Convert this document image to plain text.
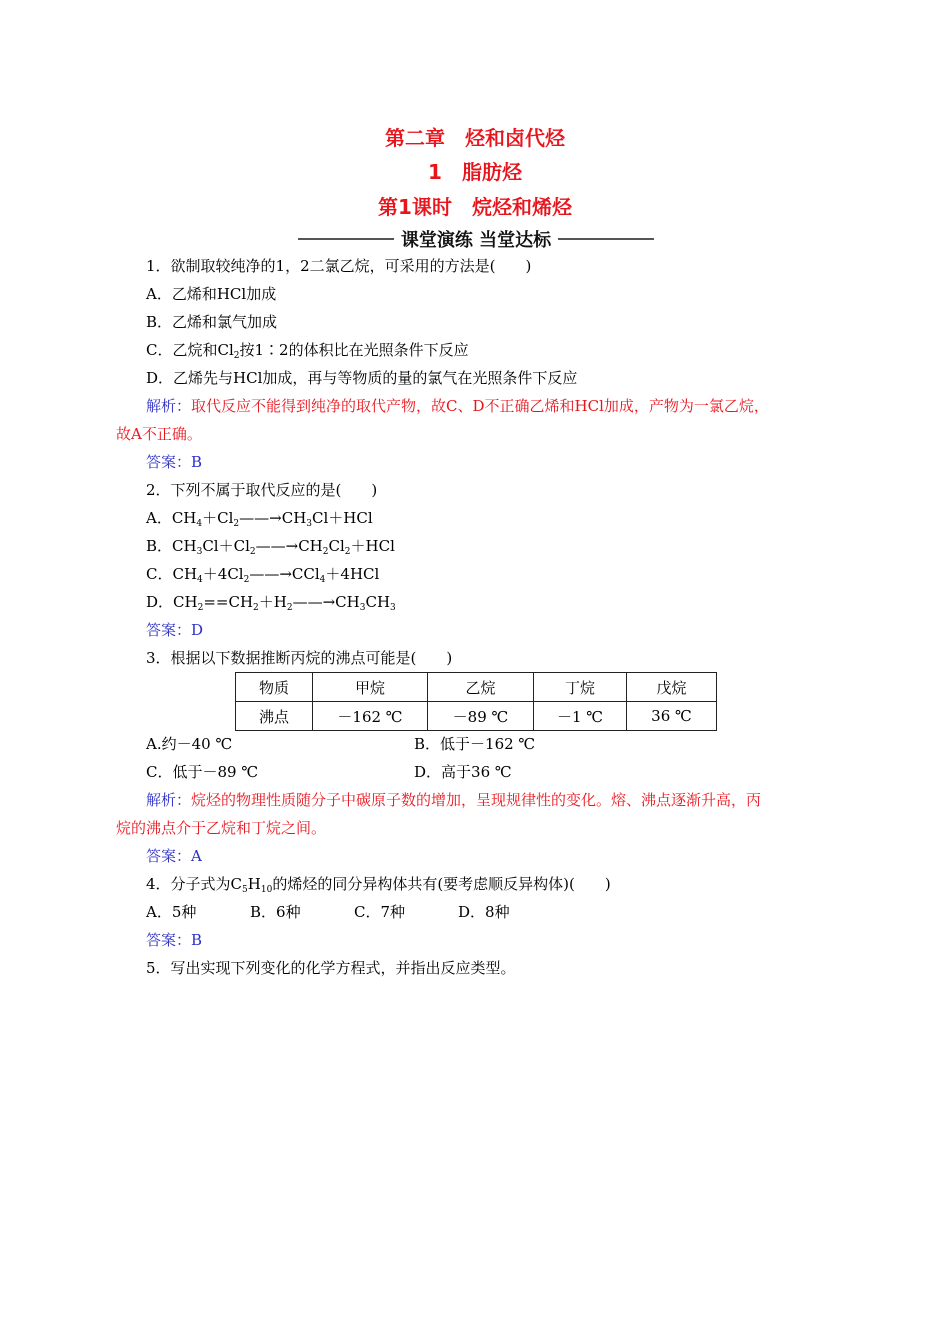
第二章　烃和卤代烃
1　脂肪烃
第1课时　烷烃和烯烃
课堂演练 当堂达标
1．欲制取较纯净的1，2二氯乙烷，可采用的方法是(　　)
A．乙烯和HCl加成
B．乙烯和氯气加成
C．乙烷和$Cl_2$按1∶2的体积比在光照条件下反应
D．乙烯先与HCl加成，再与等物质的量的氯气在光照条件下反应
解析：取代反应不能得到纯净的取代产物，故C、D不正确乙烯和HCl加成，产物为一氯乙烷，
故A不正确。
答案：B
2．下列不属于取代反应的是(　　)
A．$CH_4+Cl_2——\to CH_3Cl+HCl$
B．$CH_3Cl+Cl_2——\to CH_2Cl_2+HCl$
C．$CH_4+4Cl_2——\to CCl_4+4HCl$
D．$CH_2==CH_2+H_2——\to CH_3CH_3$
答案：D
3．根据以下数据推断丙烷的沸点可能是(　　)
物质	甲烷	乙烷	丁烷	戊烷
沸点	－162 ℃	－89 ℃	－1 ℃	36 ℃
A.约－40 ℃	B．低于－162 ℃
C．低于－89 ℃	D．高于36 ℃
解析：烷烃的物理性质随分子中碳原子数的增加，呈现规律性的变化。熔、沸点逐渐升高，丙
烷的沸点介于乙烷和丁烷之间。
答案：A
4．分子式为$C_5H_{10}$的烯烃的同分异构体共有(要考虑顺反异构体)(　　)
A．5种	B．6种	C．7种	D．8种
答案：B
5．写出实现下列变化的化学方程式，并指出反应类型。
